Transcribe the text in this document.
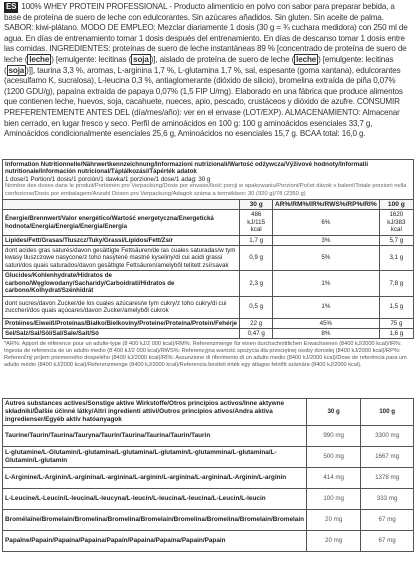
ES 100% WHEY PROTEIN PROFESSIONAL - Producto alimenticio en polvo con sabor para preparar bebida, a base de proteína de suero de leche con edulcorantes. Sin azúcares añadidos. Sin gluten. Sin aceite de palma. SABOR: kiwi-plátano. MODO DE EMPLEO: Mezclar diariamente 1 dosis (30 g = ¾ cuchara medidora) con 250 ml de agua. En días de entrenamiento tomar 1 dosis después del entrenamiento. En días de descanso tomar 1 dosis entre las comidas. INGREDIENTES: proteínas de suero de leche instantáneas 89 % [concentrado de proteína de suero de leche ( leche ) [emulgente: lecitinas ( soja )], aislado de proteína de suero de leche ( leche ) [emulgente: lecitinas ( soja )]], taurina 3,3 %, aromas, L-arginina 1,7 %, L-glutamina 1,7 %, sal, espesante (goma xantana), edulcorantes (acesulfamo K, sucralosa), L-leucina 0,3 %, antiaglomerante (dióxido de silicio), bromelina extraída de piña 0,07% (1200 GDU/g), papaína extraída de papaya 0,07% (1,5 FIP U/mg). Elaborado en una fábrica que produce alimentos que contienen leche, huevos, soja, cacahuete, nueces, apio, pescado, crustáceos y dióxido de azufre. CONSUMIR PREFERENTEMENTE ANTES DEL (día/mes/año): ver en el envase (LOT/EXP). ALMACENAMIENTO: Almacenar bien cerrado, en lugar fresco y seco. Perfil de aminoácidos en 100 g: 100 g aminoácidos esenciales 33,7 g, Aminoácidos condicionalmente esenciales 25,6 g, Aminoácidos no esenciales 15,7 g. BCAA total: 16,0 g.
Information Nutritionnelle/Nährwertkennzeichnung/Informazioni nutrizionali/Wartość odżywcza/Výživové hodnoty/Informatii nutritionale/Información nutricional/Táplálkozási/Tápérték adatok
1 dose/1 Portion/1 dosis/1 porción/1 dawka/1 porzione/1 dose/1 adag: 30 g
Nombre des doses dans le produit/Portionen pro Verpackung/Dosis por envase/Ilość porcji w opakowaniu/Porzioni/Počet dávok v balení/Totale porzioni nella confezione/Dosis por embalagem/Anzahl Dosen pro Verpackung/Adagok száma a termékben: 30 (920 g)/78 (2350 g)			

	30 g	AR%/RM%/IR%/RWS%/RP%/RI%	100 g
Énergie/Brennwert/Valor energético/Wartość energetyczna/Energetická hodnota/Energia/Energia/Energia/Energia	486 kJ/115 kcal	6%	1620 kJ/383 kcal
Lipides/Fett/Grasas/Tłuszcz/Tuky/Grassi/Lípidos/Fett/Zsír	1,7 g	3%	5,7 g
dont acides gras saturés/davon gesättigte Fettsäuren/de las cuales saturadas/w tym kwasy tłuszczowe nasycone/z toho nasýtené mastné kyseliny/di cui acidi grassi saturi/dos quais saturados/davon gesättigte Fettsäuren/amelyből telített zsírsavak	0,9 g	5%	3,1 g
Glucides/Kohlenhydrate/Hidratos de carbono/Węglowodany/Sacharidy/Carboidrati/Hidratos de carbono/Kolhydrat/Szénhidrát	2,3 g	1%	7,8 g
dont sucres/davon Zucker/de los cuales azúcares/w tym cukry/z toho cukry/di cui zuccheri/dos quais açúcares/davon Zucker/amelyből cukrok	0,5 g	1%	1,5 g
Protéines/Eiweiß/Proteínas/Białko/Bielkoviny/Proteine/Proteína/Protein/Fehérje	22 g	45%	75 g
Sel/Salz/Sal/Sól/Sal/Sale/Salt/Só	0,47 g	8%	1,6 g
*AR%: Apport de référence pour un adulte-type (8 400 kJ/2 000 kcal)/RM%: Referenzmenge für einen durchschnittlichen Erwachsenen (8400 kJ/2000 kcal)/IR%: Ingesta de referencia de un adulto medio (8 400 kJ/2 000 kcal)/RWS%: Referencyjna wartość spożycia dla przeciętnej osoby dorosłej (8400 kJ/2000 kcal)/RP%: Referenčný príjem priemerného dospelého (8400 kJ/2000 kcal)/RI%: Assunzione di riferimento di un adulto medio (8400 kJ/2000 kcal)/Dose de referência para um adulto médio (8400 kJ/2000 kcal)/Referenzmenge (8400 kJ/2000 kcal)/Referencia beviteli érték egy átlagos felnőtt számára (8400 kJ/2000 kcal).
Autres substances actives/Sonstige aktive Wirkstoffe/Otros principios activos/Inne aktywne składniki/Ďalšie účinné látky/Altri ingredienti attivi/Outros princípios ativos/Andra aktiva ingredienser/Egyéb aktív hatóanyagok	30 g	100 g
Taurine/Taurin/Taurina/Tauryna/Taurín/Taurina/Taurina/Taurin/Taurin	990 mg	3300 mg
L-glutamine/L-Glutamin/L-glutamina/L-glutamina/L-glutamín/L-glutammina/L-glutamina/L-Glutamin/L-glutamin	500 mg	1667 mg
L-Arginine/L-Arginin/L-arginina/L-arginina/L-arginín/L-arginina/L-arginina/L-Arginin/L-arginin	414 mg	1378 mg
L-Leucine/L-Leucin/L-leucina/L-leucyna/L-leucín/L-leucina/L-leucina/L-Leucin/L-leucin	100 mg	333 mg
Bromélaïne/Bromelain/Bromelina/Bromelina/Bromelaín/Bromelina/Bromelina/Bromelain/Bromelain	20 mg	67 mg
Papaïne/Papain/Papaína/Papaina/Papaín/Papaina/Papaína/Papain/Papain	20 mg	67 mg
